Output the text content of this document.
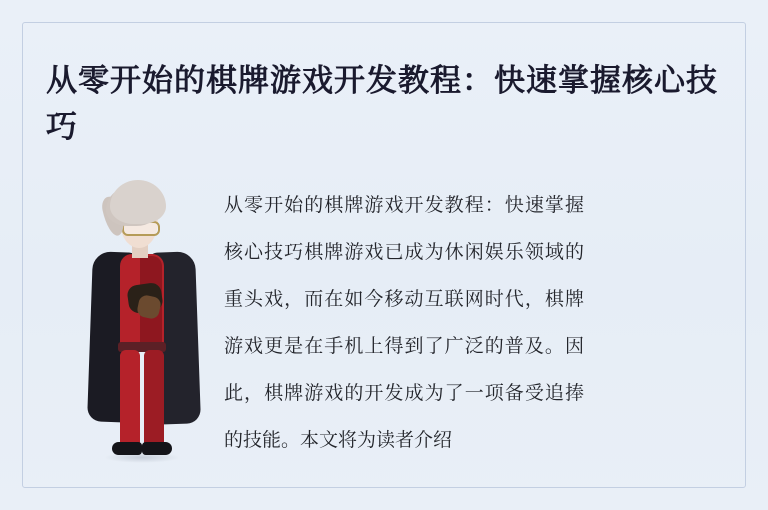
从零开始的棋牌游戏开发教程：快速掌握核心技巧
从零开始的棋牌游戏开发教程：快速掌握核心技巧棋牌游戏已成为休闲娱乐领域的重头戏，而在如今移动互联网时代，棋牌游戏更是在手机上得到了广泛的普及。因此，棋牌游戏的开发成为了一项备受追捧的技能。本文将为读者介绍
